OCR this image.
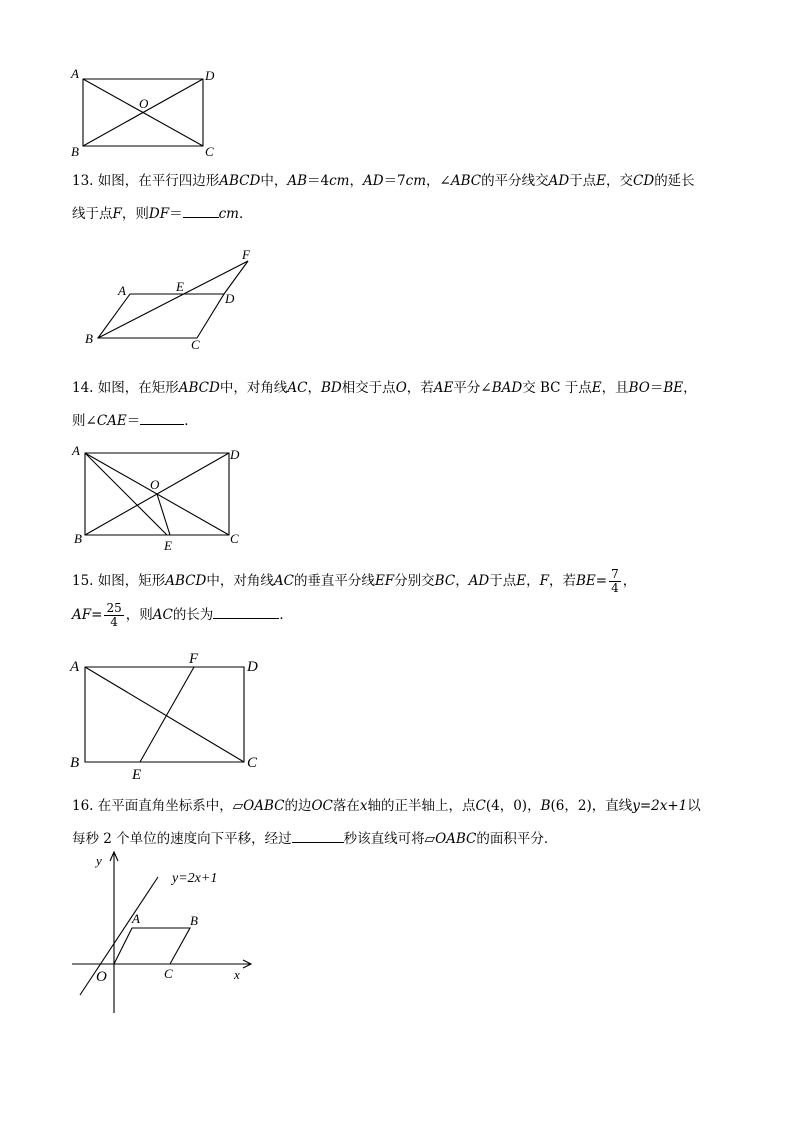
A	D
O
B	C
13. 如图，在平行四边形ABCD中，AB＝4cm，AD＝7cm，∠ABC的平分线交AD于点E，交CD的延长
线于点F，则DF＝	cm．
A	E
D
F
B	C
14. 如图，在矩形ABCD中，对角线AC，BD相交于点O，若AE平分∠BAD交 BC 于点E，且BO＝BE，
则∠CAE＝	．
A	D
O
B	E	C
15. 如图，矩形ABCD中，对角线AC的垂直平分线EF分别交BC，AD于点E，F，若$BE= \frac{7}{4}$ ，
$AF= \frac{25}{4}$ ，则AC的长为	．
A	F	D
B
E
C
16. 在平面直角坐标系中，▱OABC的边OC落在x轴的正半轴上，点C(4，0)，B(6，2)，直线y=2x+1以
每秒 2 个单位的速度向下平移，经过	秒该直线可将▱OABC的面积平分．
y
y=2x+1
A	B
O	C	x
